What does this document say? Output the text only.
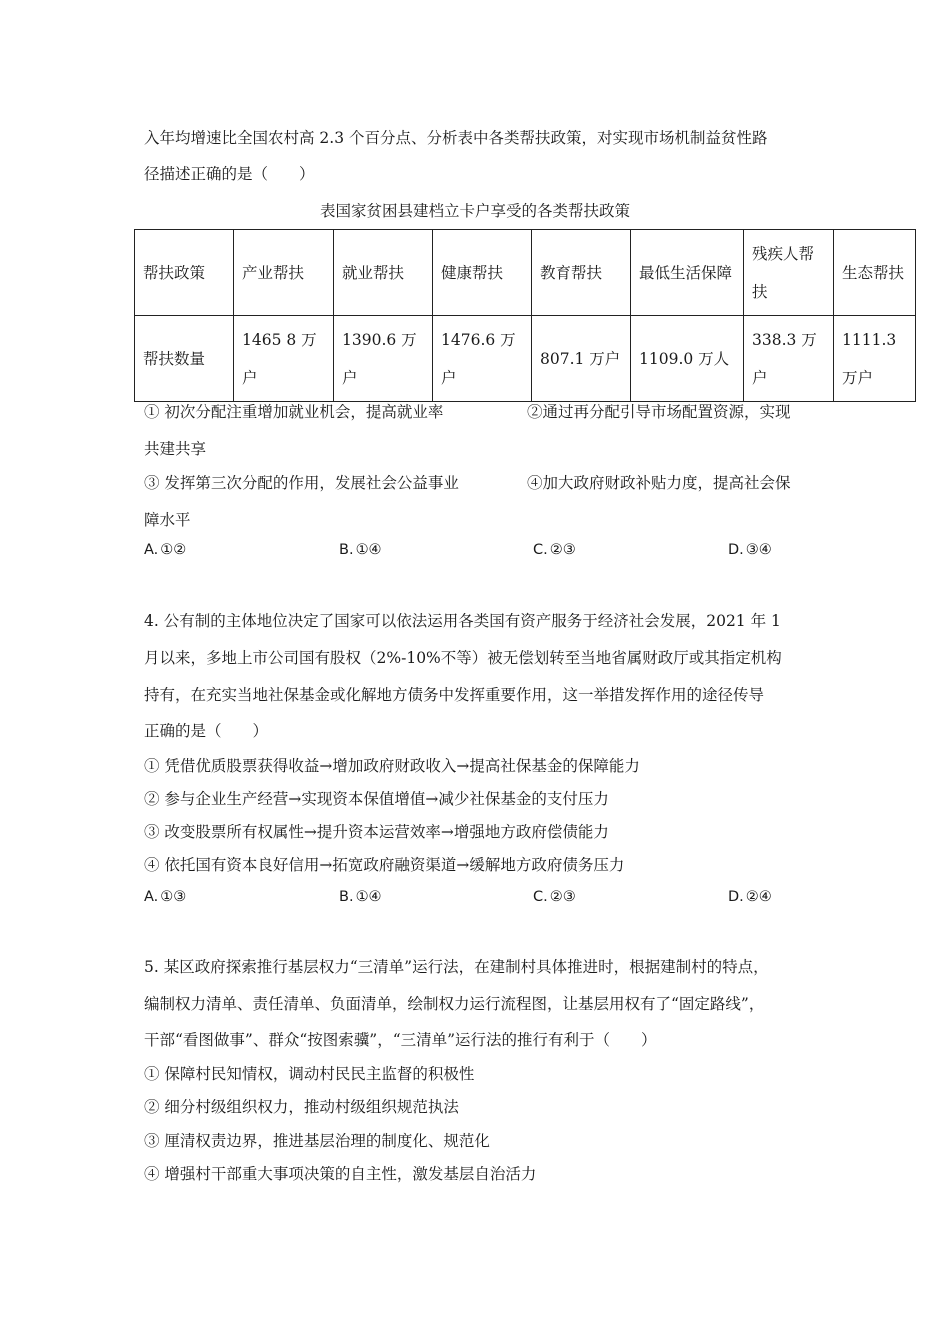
入年均增速比全国农村高 2.3 个百分点、分析表中各类帮扶政策，对实现市场机制益贫性路
径描述正确的是（　　）
表国家贫困县建档立卡户享受的各类帮扶政策
帮扶政策	产业帮扶	就业帮扶	健康帮扶	教育帮扶	最低生活保障	残疾人帮扶	生态帮扶
帮扶数量	1465 8 万户	1390.6 万户	1476.6 万户	807.1 万户	1109.0 万人	338.3 万户	1111.3 万户
① 初次分配注重增加就业机会，提高就业率	②通过再分配引导市场配置资源，实现
共建共享
③ 发挥第三次分配的作用，发展社会公益事业	④加大政府财政补贴力度，提高社会保
障水平
A. ①②	B. ①④	C. ②③	D. ③④
4. 公有制的主体地位决定了国家可以依法运用各类国有资产服务于经济社会发展，2021 年 1
月以来，多地上市公司国有股权（2%-10%不等）被无偿划转至当地省属财政厅或其指定机构
持有，在充实当地社保基金或化解地方债务中发挥重要作用，这一举措发挥作用的途径传导
正确的是（　　）
① 凭借优质股票获得收益→增加政府财政收入→提高社保基金的保障能力
② 参与企业生产经营→实现资本保值增值→减少社保基金的支付压力
③ 改变股票所有权属性→提升资本运营效率→增强地方政府偿债能力
④ 依托国有资本良好信用→拓宽政府融资渠道→缓解地方政府债务压力
A. ①③	B. ①④	C. ②③	D. ②④
5. 某区政府探索推行基层权力“三清单”运行法，在建制村具体推进时，根据建制村的特点，
编制权力清单、责任清单、负面清单，绘制权力运行流程图，让基层用权有了“固定路线”，
干部“看图做事”、群众“按图索骥”，“三清单”运行法的推行有利于（　　）
① 保障村民知情权，调动村民民主监督的积极性
② 细分村级组织权力，推动村级组织规范执法
③ 厘清权责边界，推进基层治理的制度化、规范化
④ 增强村干部重大事项决策的自主性，激发基层自治活力
